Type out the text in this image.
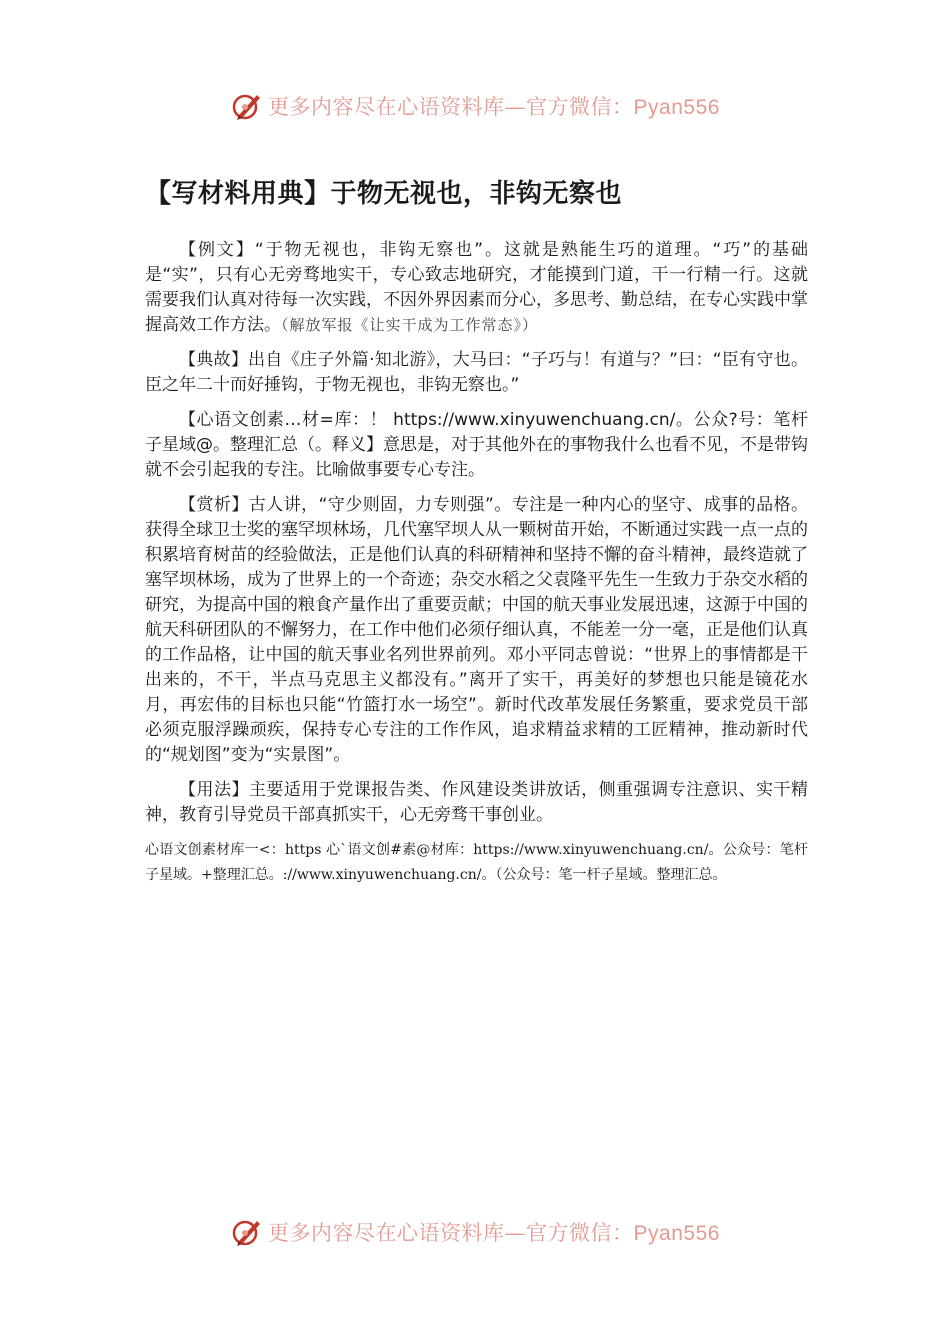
更多内容尽在心语资料库—官方微信：Pyan556
【写材料用典】于物无视也，非钩无察也

【例文】“于物无视也，非钩无察也”。这就是熟能生巧的道理。“巧”的基础是“实”，只有心无旁骛地实干，专心致志地研究，才能摸到门道，干一行精一行。这就需要我们认真对待每一次实践，不因外界因素而分心，多思考、勤总结，在专心实践中掌握高效工作方法。（解放军报《让实干成为工作常态》）

【典故】出自《庄子外篇·知北游》，大马曰：“子巧与！有道与？”曰：“臣有守也。臣之年二十而好捶钩，于物无视也，非钩无察也。”

【心语文创素…材=库：！ https://www.xinyuwenchuang.cn/。公众?号：笔杆子星域@。整理汇总（。释义】意思是，对于其他外在的事物我什么也看不见，不是带钩就不会引起我的专注。比喻做事要专心专注。

【赏析】古人讲，“守少则固，力专则强”。专注是一种内心的坚守、成事的品格。获得全球卫士奖的塞罕坝林场，几代塞罕坝人从一颗树苗开始，不断通过实践一点一点的积累培育树苗的经验做法，正是他们认真的科研精神和坚持不懈的奋斗精神，最终造就了塞罕坝林场，成为了世界上的一个奇迹；杂交水稻之父袁隆平先生一生致力于杂交水稻的研究，为提高中国的粮食产量作出了重要贡献；中国的航天事业发展迅速，这源于中国的航天科研团队的不懈努力，在工作中他们必须仔细认真，不能差一分一毫，正是他们认真的工作品格，让中国的航天事业名列世界前列。邓小平同志曾说：“世界上的事情都是干出来的，不干，半点马克思主义都没有。”离开了实干，再美好的梦想也只能是镜花水月，再宏伟的目标也只能“竹篮打水一场空”。新时代改革发展任务繁重，要求党员干部必须克服浮躁顽疾，保持专心专注的工作作风，追求精益求精的工匠精神，推动新时代的“规划图”变为“实景图”。

【用法】主要适用于党课报告类、作风建设类讲放话，侧重强调专注意识、实干精神，教育引导党员干部真抓实干，心无旁骛干事创业。

心语文创素材库一<：https 心`语文创#素@材库：https://www.xinyuwenchuang.cn/。公众号：笔杆子星域。+整理汇总。://www.xinyuwenchuang.cn/。（公众号：笔一杆子星域。整理汇总。

更多内容尽在心语资料库—官方微信：Pyan556
